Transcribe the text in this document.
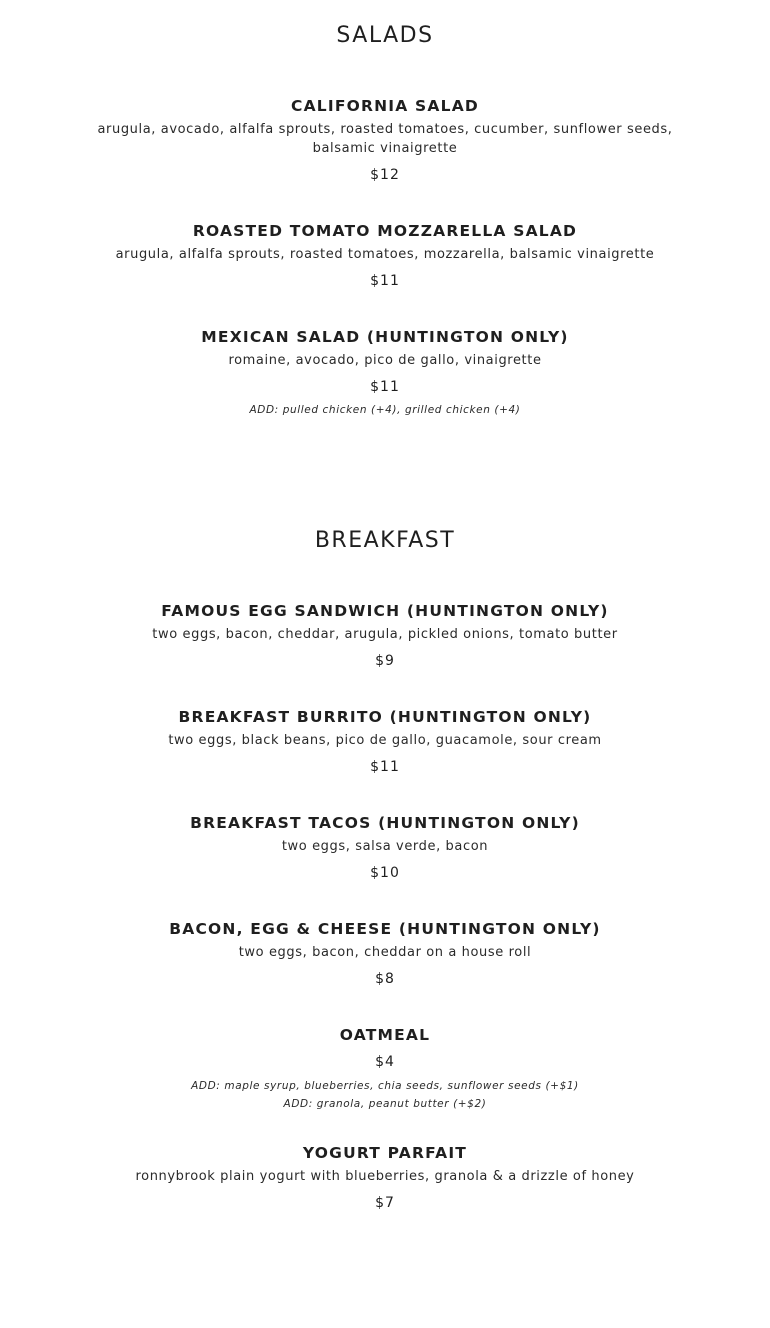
SALADS
CALIFORNIA SALAD
arugula, avocado, alfalfa sprouts, roasted tomatoes, cucumber, sunflower seeds, balsamic vinaigrette
$12
ROASTED TOMATO MOZZARELLA SALAD
arugula, alfalfa sprouts, roasted tomatoes, mozzarella, balsamic vinaigrette
$11
MEXICAN SALAD (HUNTINGTON ONLY)
romaine, avocado, pico de gallo, vinaigrette
$11
ADD: pulled chicken (+4), grilled chicken (+4)
BREAKFAST
FAMOUS EGG SANDWICH (HUNTINGTON ONLY)
two eggs, bacon, cheddar, arugula, pickled onions, tomato butter
$9
BREAKFAST BURRITO (HUNTINGTON ONLY)
two eggs, black beans, pico de gallo, guacamole, sour cream
$11
BREAKFAST TACOS (HUNTINGTON ONLY)
two eggs, salsa verde, bacon
$10
BACON, EGG & CHEESE (HUNTINGTON ONLY)
two eggs, bacon, cheddar on a house roll
$8
OATMEAL
$4
ADD: maple syrup, blueberries, chia seeds, sunflower seeds (+$1)
ADD: granola, peanut butter (+$2)
YOGURT PARFAIT
ronnybrook plain yogurt with blueberries, granola & a drizzle of honey
$7
